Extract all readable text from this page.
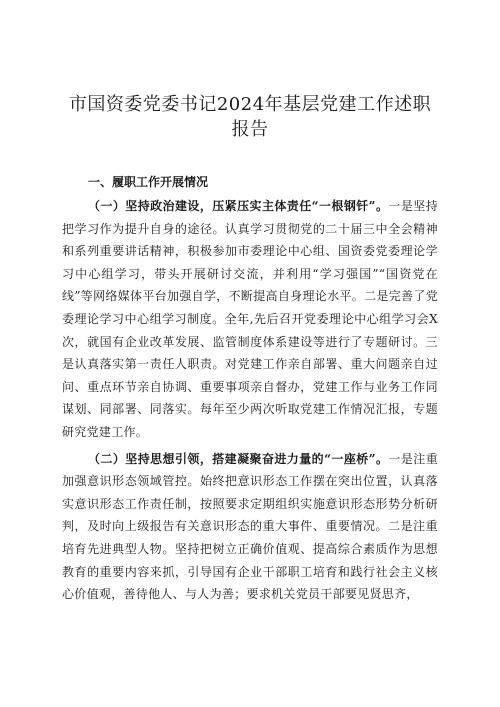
市国资委党委书记2024年基层党建工作述职
报告

一、履职工作开展情况

（一）坚持政治建设，压紧压实主体责任“一根钢钎”。一是坚持把学习作为提升自身的途径。认真学习贯彻党的二十届三中全会精神和系列重要讲话精神，积极参加市委理论中心组、国资委党委理论学习中心组学习，带头开展研讨交流，并利用“学习强国”“国资党在线”等网络媒体平台加强自学，不断提高自身理论水平。二是完善了党委理论学习中心组学习制度。全年,先后召开党委理论中心组学习会X次，就国有企业改革发展、监管制度体系建设等进行了专题研讨。三是认真落实第一责任人职责。对党建工作亲自部署、重大问题亲自过问、重点环节亲自协调、重要事项亲自督办，党建工作与业务工作同谋划、同部署、同落实。每年至少两次听取党建工作情况汇报，专题研究党建工作。

（二）坚持思想引领，搭建凝聚奋进力量的“一座桥”。一是注重加强意识形态领域管控。始终把意识形态工作摆在突出位置，认真落实意识形态工作责任制，按照要求定期组织实施意识形态形势分析研判，及时向上级报告有关意识形态的重大事件、重要情况。二是注重培育先进典型人物。坚持把树立正确价值观、提高综合素质作为思想教育的重要内容来抓，引导国有企业干部职工培育和践行社会主义核心价值观，善待他人、与人为善；要求机关党员干部要见贤思齐，
